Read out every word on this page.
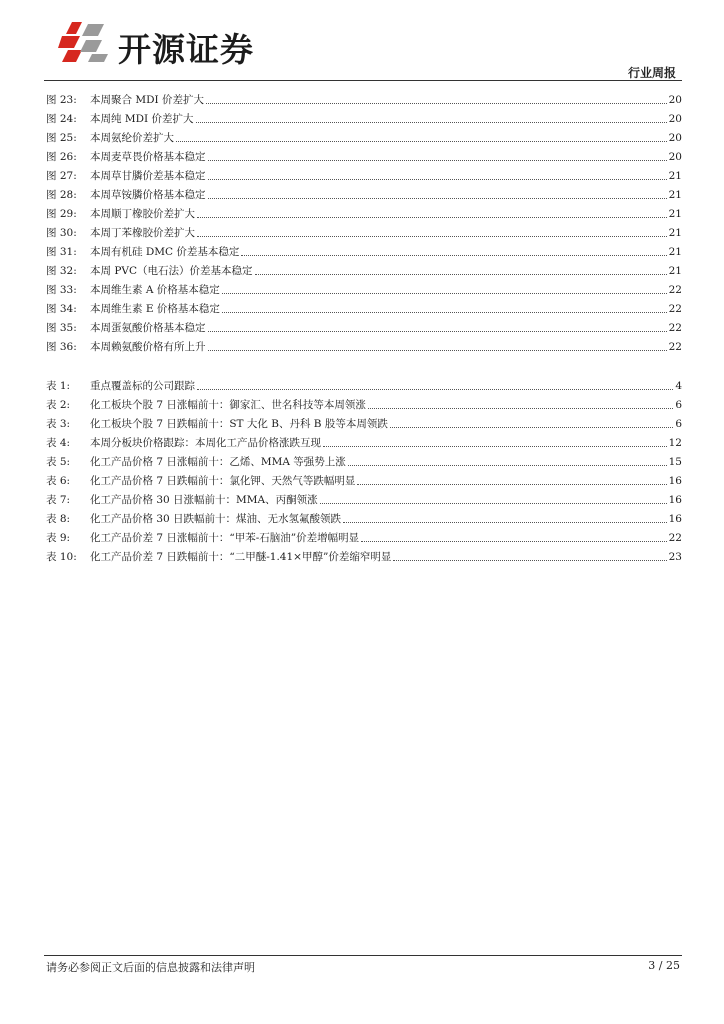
开源证券
行业周报
图 23:	本周聚合 MDI 价差扩大	20
图 24:	本周纯 MDI 价差扩大	20
图 25:	本周氨纶价差扩大	20
图 26:	本周麦草畏价格基本稳定	20
图 27:	本周草甘膦价差基本稳定	21
图 28:	本周草铵膦价格基本稳定	21
图 29:	本周顺丁橡胶价差扩大	21
图 30:	本周丁苯橡胶价差扩大	21
图 31:	本周有机硅 DMC 价差基本稳定	21
图 32:	本周 PVC（电石法）价差基本稳定	21
图 33:	本周维生素 A 价格基本稳定	22
图 34:	本周维生素 E 价格基本稳定	22
图 35:	本周蛋氨酸价格基本稳定	22
图 36:	本周赖氨酸价格有所上升	22
表 1:	重点覆盖标的公司跟踪	4
表 2:	化工板块个股 7 日涨幅前十：御家汇、世名科技等本周领涨	6
表 3:	化工板块个股 7 日跌幅前十：ST 大化 B、丹科 B 股等本周领跌	6
表 4:	本周分板块价格跟踪：本周化工产品价格涨跌互现	12
表 5:	化工产品价格 7 日涨幅前十：乙烯、MMA 等强势上涨	15
表 6:	化工产品价格 7 日跌幅前十：氯化钾、天然气等跌幅明显	16
表 7:	化工产品价格 30 日涨幅前十：MMA、丙酮领涨	16
表 8:	化工产品价格 30 日跌幅前十：煤油、无水氢氟酸领跌	16
表 9:	化工产品价差 7 日涨幅前十：“甲苯-石脑油”价差增幅明显	22
表 10:	化工产品价差 7 日跌幅前十：“二甲醚-1.41×甲醇”价差缩窄明显	23
请务必参阅正文后面的信息披露和法律声明	3 / 25
